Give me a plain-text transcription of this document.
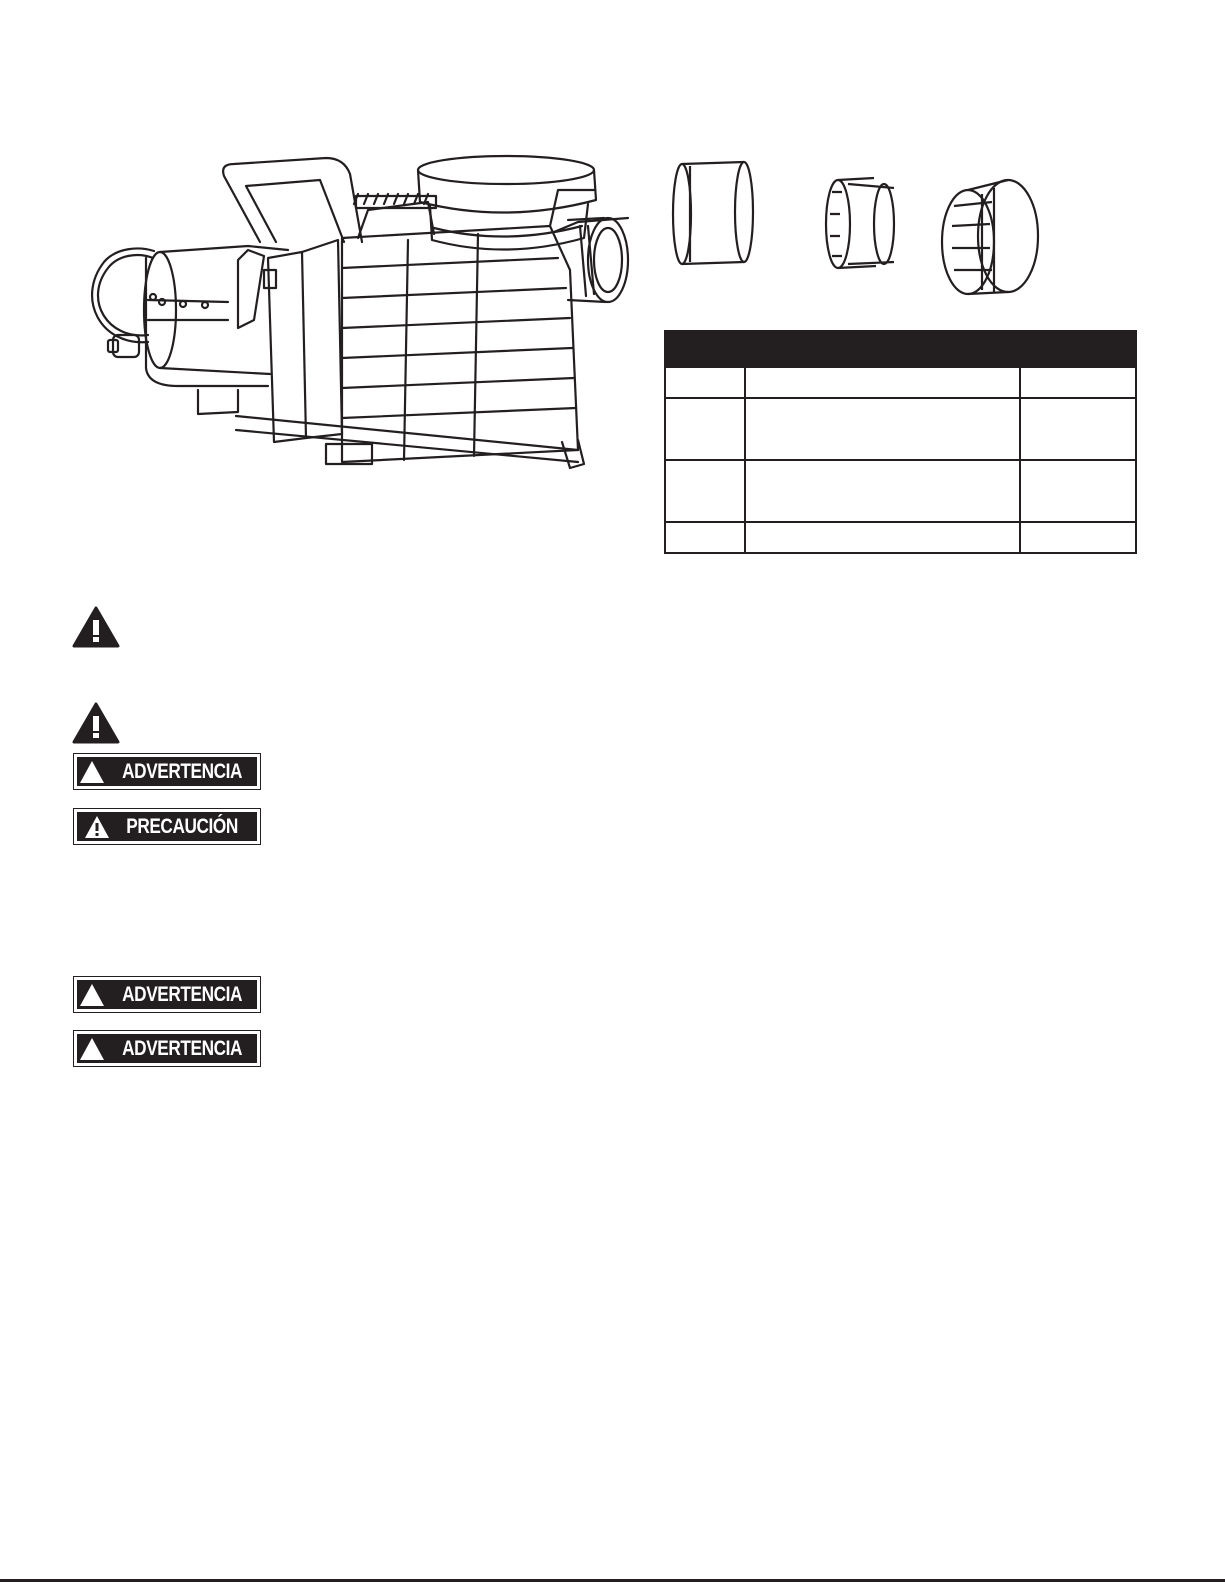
ADVERTENCIA
PRECAUCIÓN
ADVERTENCIA
ADVERTENCIA
